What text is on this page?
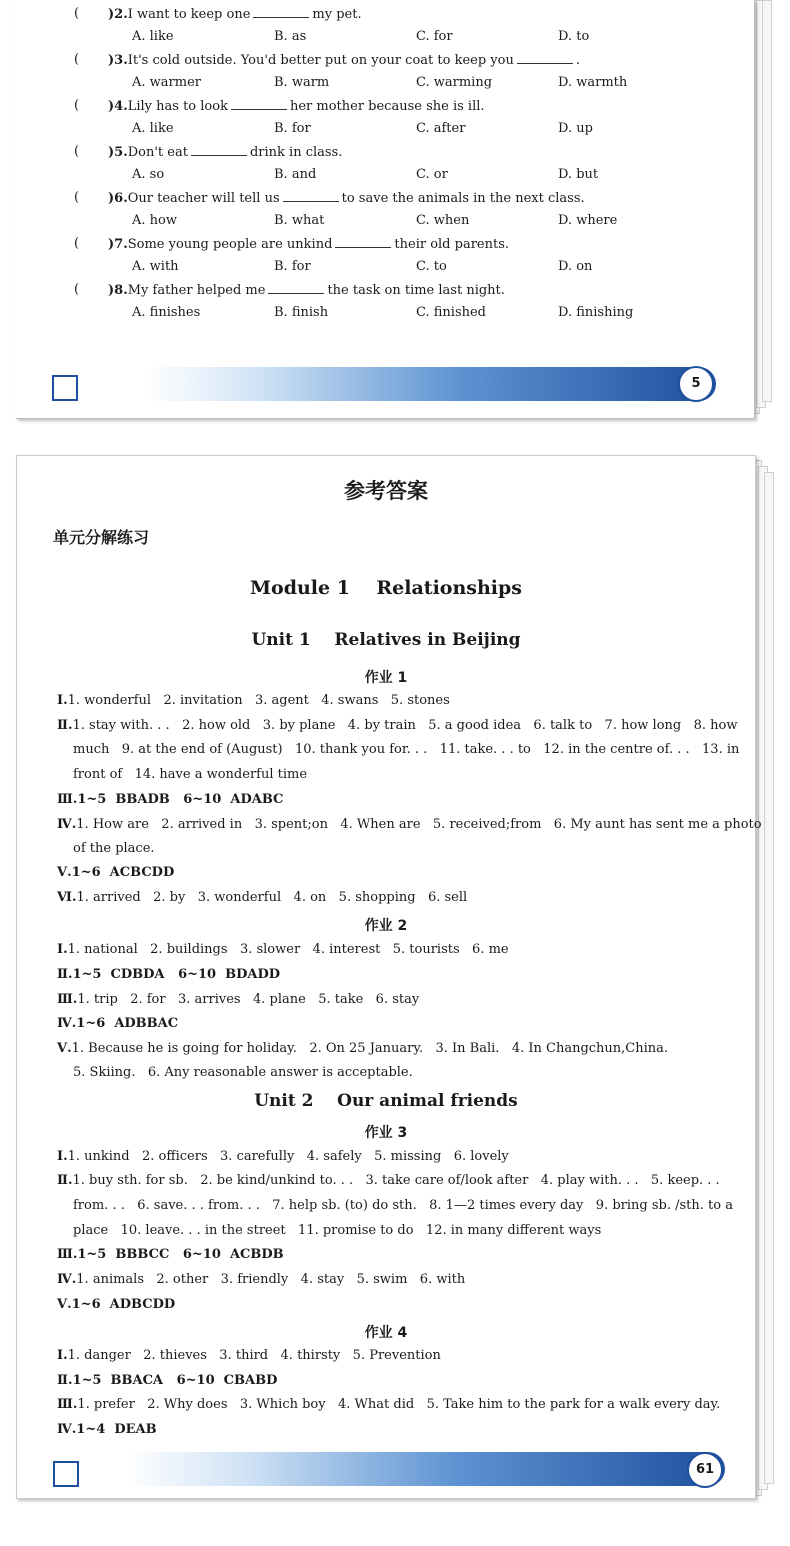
( )2.I want to keep one	my pet.
A. like	B. as	C. for	D. to
( )3.It's cold outside. You'd better put on your coat to keep you	.
A. warmer	B. warm	C. warming	D. warmth
( )4.Lily has to look	her mother because she is ill.
A. like	B. for	C. after	D. up
( )5.Don't eat	drink in class.
A. so	B. and	C. or	D. but
( )6.Our teacher will tell us	to save the animals in the next class.
A. how	B. what	C. when	D. where
( )7.Some young people are unkind	their old parents.
A. with	B. for	C. to	D. on
( )8.My father helped me	the task on time last night.
A. finishes	B. finish	C. finished	D. finishing
5
参考答案
单元分解练习
Module 1    Relationships
Unit 1    Relatives in Beijing
作业 1
Ⅰ.1. wonderful   2. invitation   3. agent   4. swans   5. stones
Ⅱ.1. stay with. . .   2. how old   3. by plane   4. by train   5. a good idea   6. talk to   7. how long   8. how
much   9. at the end of (August)   10. thank you for. . .   11. take. . . to   12. in the centre of. . .   13. in
front of   14. have a wonderful time
Ⅲ.1~5  BBADB   6~10  ADABC
Ⅳ.1. How are   2. arrived in   3. spent;on   4. When are   5. received;from   6. My aunt has sent me a photo
of the place.
Ⅴ.1~6  ACBCDD
Ⅵ.1. arrived   2. by   3. wonderful   4. on   5. shopping   6. sell
作业 2
Ⅰ.1. national   2. buildings   3. slower   4. interest   5. tourists   6. me
Ⅱ.1~5  CDBDA   6~10  BDADD
Ⅲ.1. trip   2. for   3. arrives   4. plane   5. take   6. stay
Ⅳ.1~6  ADBBAC
Ⅴ.1. Because he is going for holiday.   2. On 25 January.   3. In Bali.   4. In Changchun,China.
5. Skiing.   6. Any reasonable answer is acceptable.
Unit 2    Our animal friends
作业 3
Ⅰ.1. unkind   2. officers   3. carefully   4. safely   5. missing   6. lovely
Ⅱ.1. buy sth. for sb.   2. be kind/unkind to. . .   3. take care of/look after   4. play with. . .   5. keep. . .
from. . .   6. save. . . from. . .   7. help sb. (to) do sth.   8. 1—2 times every day   9. bring sb. /sth. to a
place   10. leave. . . in the street   11. promise to do   12. in many different ways
Ⅲ.1~5  BBBCC   6~10  ACBDB
Ⅳ.1. animals   2. other   3. friendly   4. stay   5. swim   6. with
Ⅴ.1~6  ADBCDD
作业 4
Ⅰ.1. danger   2. thieves   3. third   4. thirsty   5. Prevention
Ⅱ.1~5  BBACA   6~10  CBABD
Ⅲ.1. prefer   2. Why does   3. Which boy   4. What did   5. Take him to the park for a walk every day.
Ⅳ.1~4  DEAB
61
